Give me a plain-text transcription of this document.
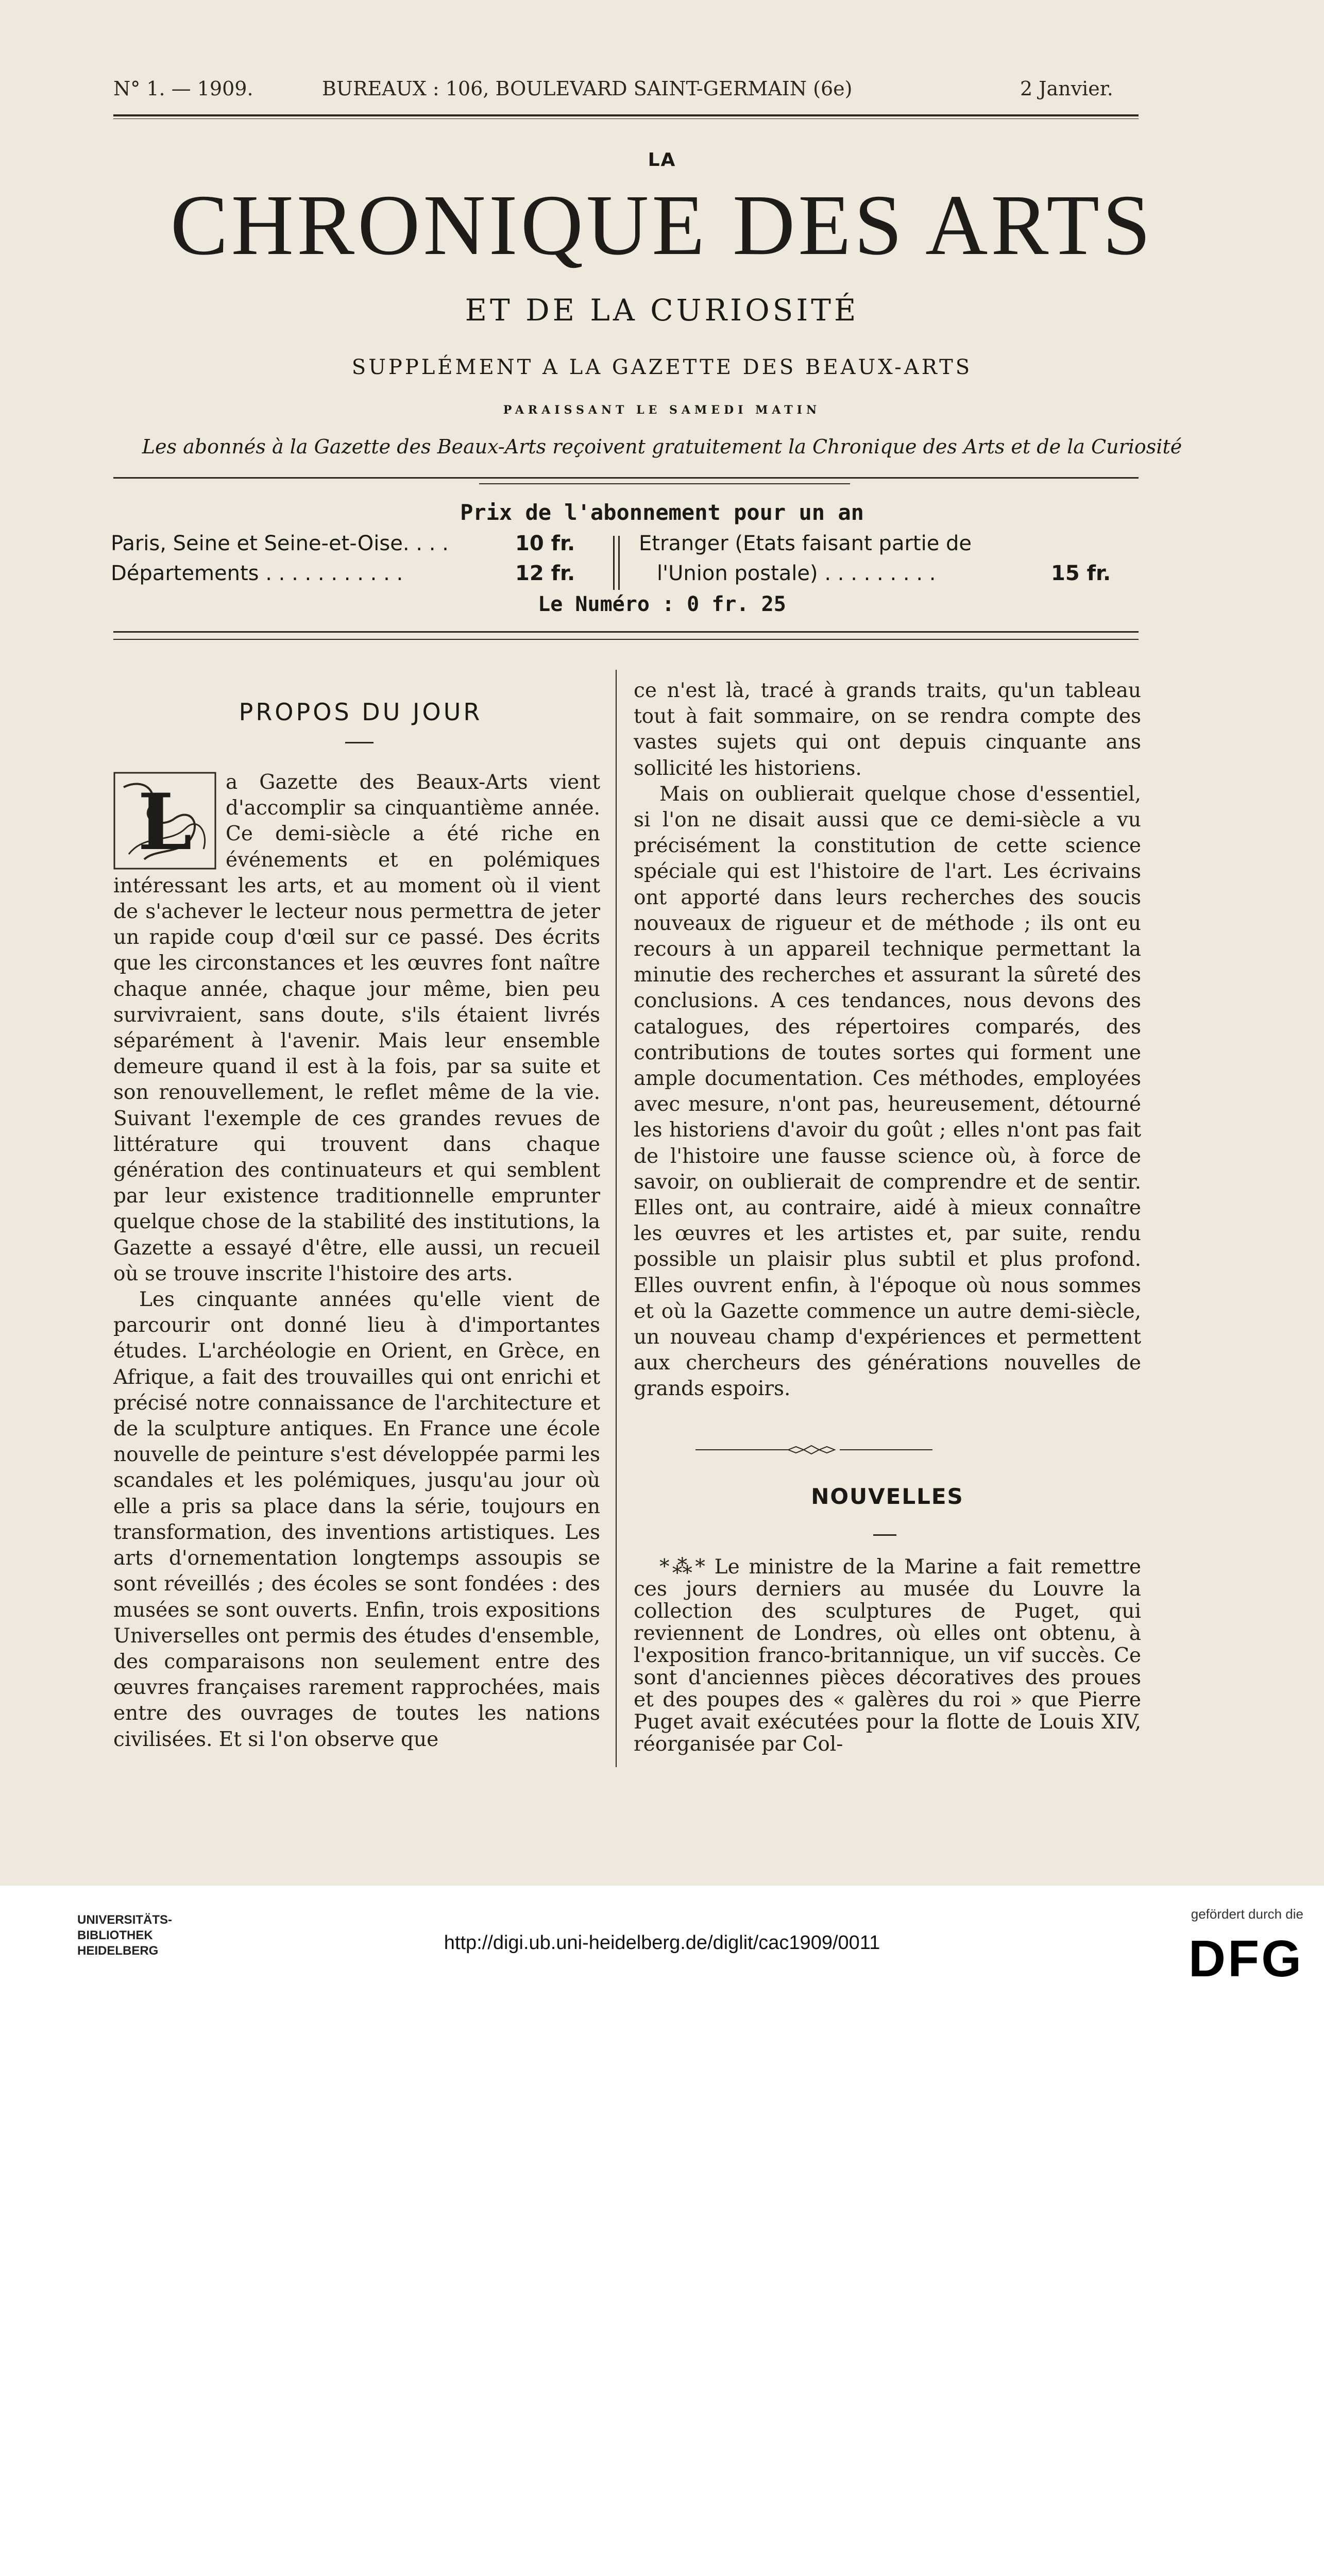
N° 1. — 1909.	BUREAUX : 106, BOULEVARD SAINT-GERMAIN (6e)	2 Janvier.
LA
CHRONIQUE DES ARTS
ET DE LA CURIOSITÉ
SUPPLÉMENT A LA GAZETTE DES BEAUX-ARTS
PARAISSANT LE SAMEDI MATIN
Les abonnés à la Gazette des Beaux-Arts reçoivent gratuitement la Chronique des Arts et de la Curiosité
Prix de l'abonnement pour un an
Paris, Seine et Seine-et-Oise. . . .	10 fr.
Départements . . . . . . . . . . .	12 fr.
Etranger (Etats faisant partie de
l'Union postale) . . . . . . . . .	15 fr.
Le Numéro : 0 fr. 25
PROPOS DU JOUR

L a Gazette des Beaux-Arts vient d'accomplir sa cinquantième année. Ce demi-siècle a été riche en événements et en polémiques intéressant les arts, et au moment où il vient de s'achever le lecteur nous permettra de jeter un rapide coup d'œil sur ce passé. Des écrits que les circonstances et les œuvres font naître chaque année, chaque jour même, bien peu survivraient, sans doute, s'ils étaient livrés séparément à l'avenir. Mais leur ensemble demeure quand il est à la fois, par sa suite et son renouvellement, le reflet même de la vie. Suivant l'exemple de ces grandes revues de littérature qui trouvent dans chaque génération des continuateurs et qui semblent par leur existence traditionnelle emprunter quelque chose de la stabilité des institutions, la Gazette a essayé d'être, elle aussi, un recueil où se trouve inscrite l'histoire des arts.

Les cinquante années qu'elle vient de parcourir ont donné lieu à d'importantes études. L'archéologie en Orient, en Grèce, en Afrique, a fait des trouvailles qui ont enrichi et précisé notre connaissance de l'architecture et de la sculpture antiques. En France une école nouvelle de peinture s'est développée parmi les scandales et les polémiques, jusqu'au jour où elle a pris sa place dans la série, toujours en transformation, des inventions artistiques. Les arts d'ornementation longtemps assoupis se sont réveillés ; des écoles se sont fondées : des musées se sont ouverts. Enfin, trois expositions Universelles ont permis des études d'ensemble, des comparaisons non seulement entre des œuvres françaises rarement rapprochées, mais entre des ouvrages de toutes les nations civilisées. Et si l'on observe que

ce n'est là, tracé à grands traits, qu'un tableau tout à fait sommaire, on se rendra compte des vastes sujets qui ont depuis cinquante ans sollicité les historiens.

Mais on oublierait quelque chose d'essentiel, si l'on ne disait aussi que ce demi-siècle a vu précisément la constitution de cette science spéciale qui est l'histoire de l'art. Les écrivains ont apporté dans leurs recherches des soucis nouveaux de rigueur et de méthode ; ils ont eu recours à un appareil technique permettant la minutie des recherches et assurant la sûreté des conclusions. A ces tendances, nous devons des catalogues, des répertoires comparés, des contributions de toutes sortes qui forment une ample documentation. Ces méthodes, employées avec mesure, n'ont pas, heureusement, détourné les historiens d'avoir du goût ; elles n'ont pas fait de l'histoire une fausse science où, à force de savoir, on oublierait de comprendre et de sentir. Elles ont, au contraire, aidé à mieux connaître les œuvres et les artistes et, par suite, rendu possible un plaisir plus subtil et plus profond. Elles ouvrent enfin, à l'époque où nous sommes et où la Gazette commence un autre demi-siècle, un nouveau champ d'expériences et permettent aux chercheurs des générations nouvelles de grands espoirs.

NOUVELLES

*⁂* Le ministre de la Marine a fait remettre ces jours derniers au musée du Louvre la collection des sculptures de Puget, qui reviennent de Londres, où elles ont obtenu, à l'exposition franco-britannique, un vif succès. Ce sont d'anciennes pièces décoratives des proues et des poupes des « galères du roi » que Pierre Puget avait exécutées pour la flotte de Louis XIV, réorganisée par Col-

UNIVERSITÄTS-
BIBLIOTHEK
HEIDELBERG	http://digi.ub.uni-heidelberg.de/diglit/cac1909/0011
gefördert durch die
DFG
